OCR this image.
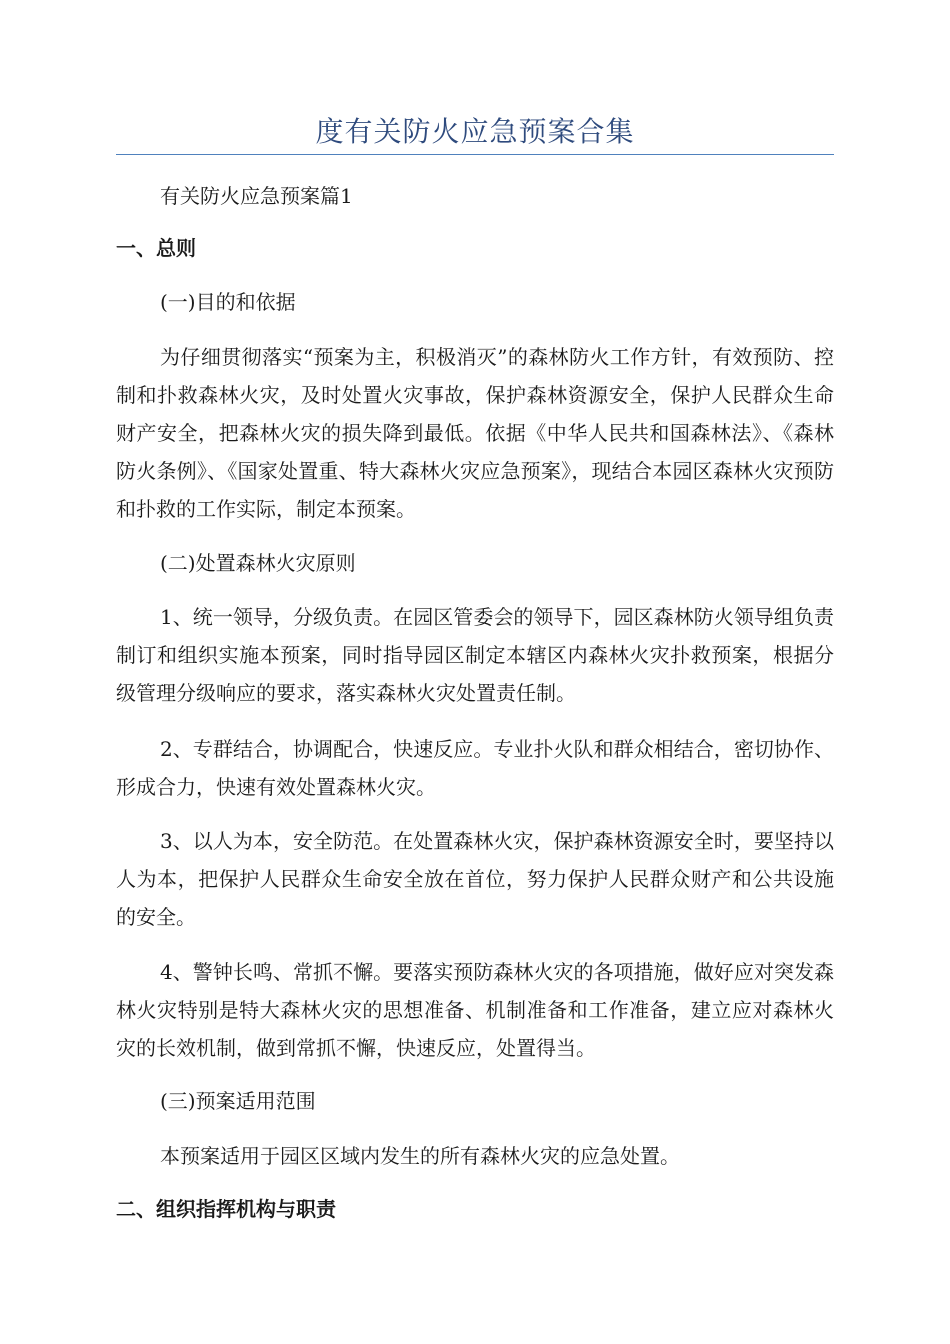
度有关防火应急预案合集

有关防火应急预案篇1

一、总则

(一)目的和依据

为仔细贯彻落实“预案为主，积极消灭”的森林防火工作方针，有效预防、控制和扑救森林火灾，及时处置火灾事故，保护森林资源安全，保护人民群众生命财产安全，把森林火灾的损失降到最低。依据《中华人民共和国森林法》、《森林防火条例》、《国家处置重、特大森林火灾应急预案》，现结合本园区森林火灾预防和扑救的工作实际，制定本预案。

(二)处置森林火灾原则

1、统一领导，分级负责。在园区管委会的领导下，园区森林防火领导组负责制订和组织实施本预案，同时指导园区制定本辖区内森林火灾扑救预案，根据分级管理分级响应的要求，落实森林火灾处置责任制。

2、专群结合，协调配合，快速反应。专业扑火队和群众相结合，密切协作、形成合力，快速有效处置森林火灾。

3、以人为本，安全防范。在处置森林火灾，保护森林资源安全时，要坚持以人为本，把保护人民群众生命安全放在首位，努力保护人民群众财产和公共设施的安全。

4、警钟长鸣、常抓不懈。要落实预防森林火灾的各项措施，做好应对突发森林火灾特别是特大森林火灾的思想准备、机制准备和工作准备，建立应对森林火灾的长效机制，做到常抓不懈，快速反应，处置得当。

(三)预案适用范围

本预案适用于园区区域内发生的所有森林火灾的应急处置。

二、组织指挥机构与职责
